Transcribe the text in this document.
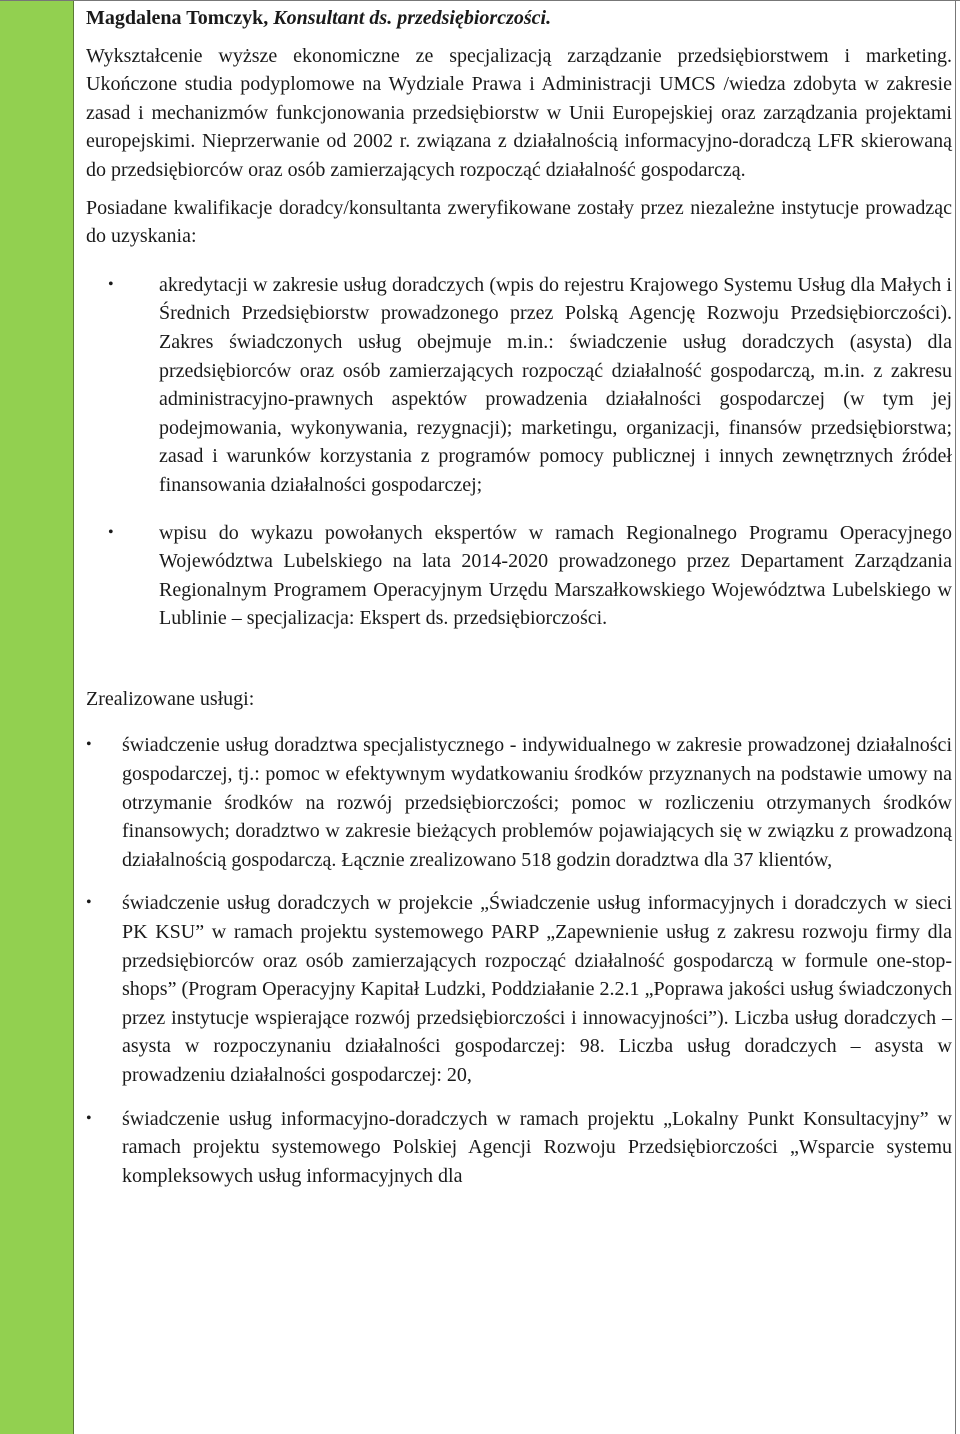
Magdalena Tomczyk, Konsultant ds. przedsiębiorczości.

Wykształcenie wyższe ekonomiczne ze specjalizacją zarządzanie przedsiębiorstwem i marketing. Ukończone studia podyplomowe na Wydziale Prawa i Administracji UMCS /wiedza zdobyta w zakresie zasad i mechanizmów funkcjonowania przedsiębiorstw w Unii Europejskiej oraz zarządzania projektami europejskimi. Nieprzerwanie od 2002 r. związana z działalnością informacyjno-doradczą LFR skierowaną do przedsiębiorców oraz osób zamierzających rozpocząć działalność gospodarczą.

Posiadane kwalifikacje doradcy/konsultanta zweryfikowane zostały przez niezależne instytucje prowadząc do uzyskania:

• akredytacji w zakresie usług doradczych (wpis do rejestru Krajowego Systemu Usług dla Małych i Średnich Przedsiębiorstw prowadzonego przez Polską Agencję Rozwoju Przedsiębiorczości). Zakres świadczonych usług obejmuje m.in.: świadczenie usług doradczych (asysta) dla przedsiębiorców oraz osób zamierzających rozpocząć działalność gospodarczą, m.in. z zakresu administracyjno-prawnych aspektów prowadzenia działalności gospodarczej (w tym jej podejmowania, wykonywania, rezygnacji); marketingu, organizacji, finansów przedsiębiorstwa; zasad i warunków korzystania z programów pomocy publicznej i innych zewnętrznych źródeł finansowania działalności gospodarczej;
• wpisu do wykazu powołanych ekspertów w ramach Regionalnego Programu Operacyjnego Województwa Lubelskiego na lata 2014-2020 prowadzonego przez Departament Zarządzania Regionalnym Programem Operacyjnym Urzędu Marszałkowskiego Województwa Lubelskiego w Lublinie – specjalizacja: Ekspert ds. przedsiębiorczości.

Zrealizowane usługi:

• świadczenie usług doradztwa specjalistycznego - indywidualnego w zakresie prowadzonej działalności gospodarczej, tj.: pomoc w efektywnym wydatkowaniu środków przyznanych na podstawie umowy na otrzymanie środków na rozwój przedsiębiorczości; pomoc w rozliczeniu otrzymanych środków finansowych; doradztwo w zakresie bieżących problemów pojawiających się w związku z prowadzoną działalnością gospodarczą. Łącznie zrealizowano 518 godzin doradztwa dla 37 klientów,
• świadczenie usług doradczych w projekcie „Świadczenie usług informacyjnych i doradczych w sieci PK KSU” w ramach projektu systemowego PARP „Zapewnienie usług z zakresu rozwoju firmy dla przedsiębiorców oraz osób zamierzających rozpocząć działalność gospodarczą w formule one-stop-shops” (Program Operacyjny Kapitał Ludzki, Poddziałanie 2.2.1 „Poprawa jakości usług świadczonych przez instytucje wspierające rozwój przedsiębiorczości i innowacyjności”). Liczba usług doradczych – asysta w rozpoczynaniu działalności gospodarczej: 98. Liczba usług doradczych – asysta w prowadzeniu działalności gospodarczej: 20,
• świadczenie usług informacyjno-doradczych w ramach projektu „Lokalny Punkt Konsultacyjny” w ramach projektu systemowego Polskiej Agencji Rozwoju Przedsiębiorczości „Wsparcie systemu kompleksowych usług informacyjnych dla
